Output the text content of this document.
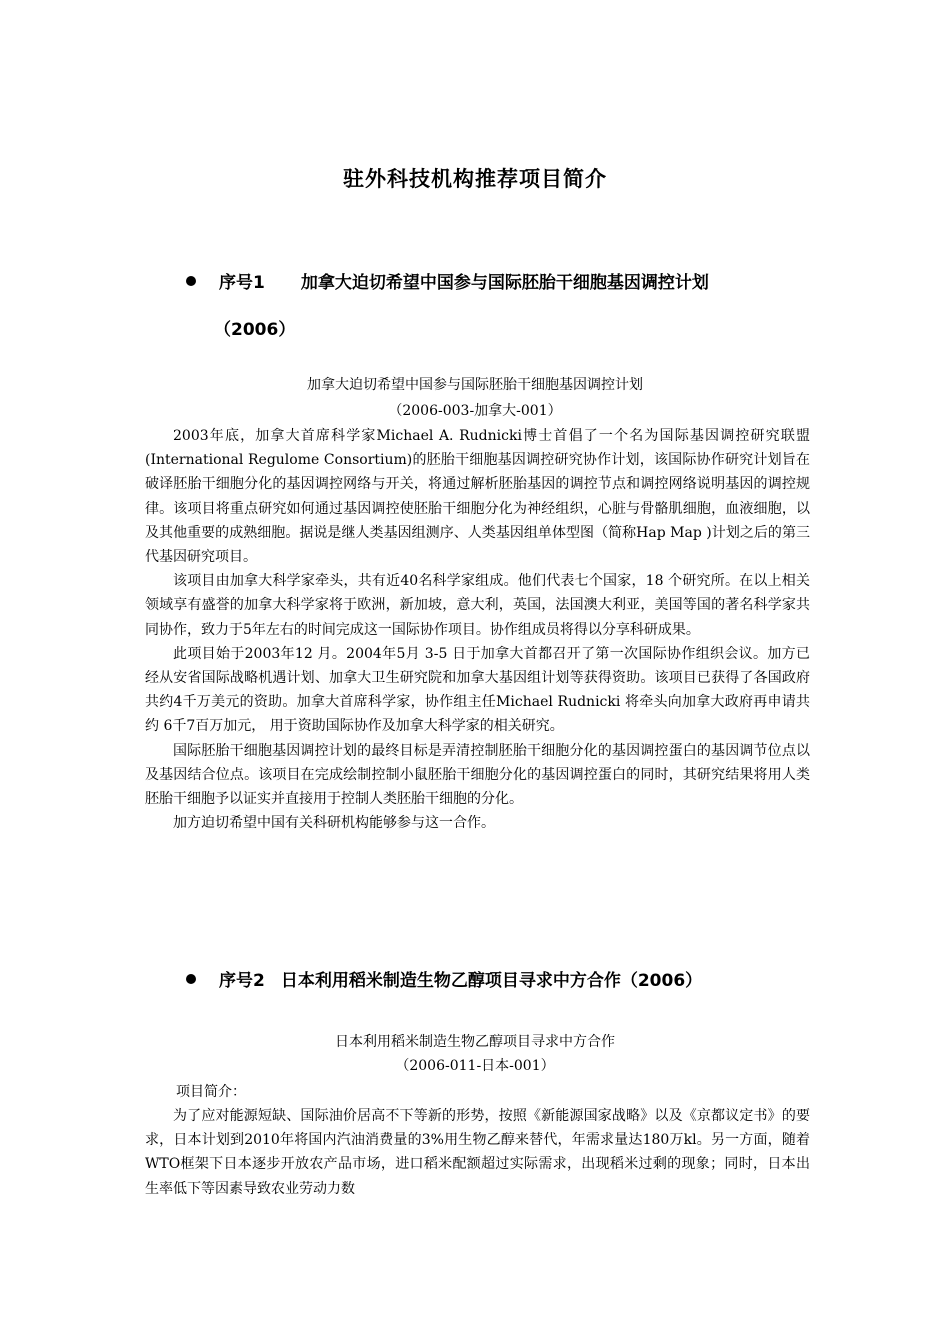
驻外科技机构推荐项目简介
序号1 加拿大迫切希望中国参与国际胚胎干细胞基因调控计划
（2006）
加拿大迫切希望中国参与国际胚胎干细胞基因调控计划
（2006-003-加拿大-001）

2003年底，加拿大首席科学家Michael A. Rudnicki博士首倡了一个名为国际基因调控研究联盟(International Regulome Consortium)的胚胎干细胞基因调控研究协作计划，该国际协作研究计划旨在破译胚胎干细胞分化的基因调控网络与开关，将通过解析胚胎基因的调控节点和调控网络说明基因的调控规律。该项目将重点研究如何通过基因调控使胚胎干细胞分化为神经组织，心脏与骨骼肌细胞，血液细胞，以及其他重要的成熟细胞。据说是继人类基因组测序、人类基因组单体型图（简称Hap Map )计划之后的第三代基因研究项目。

该项目由加拿大科学家牵头，共有近40名科学家组成。他们代表七个国家，18 个研究所。在以上相关领域享有盛誉的加拿大科学家将于欧洲，新加坡，意大利，英国，法国澳大利亚，美国等国的著名科学家共同协作，致力于5年左右的时间完成这一国际协作项目。协作组成员将得以分享科研成果。

此项目始于2003年12 月。2004年5月 3-5 日于加拿大首都召开了第一次国际协作组织会议。加方已经从安省国际战略机遇计划、加拿大卫生研究院和加拿大基因组计划等获得资助。该项目已获得了各国政府共约4千万美元的资助。加拿大首席科学家，协作组主任Michael Rudnicki 将牵头向加拿大政府再申请共约 6千7百万加元， 用于资助国际协作及加拿大科学家的相关研究。

国际胚胎干细胞基因调控计划的最终目标是弄清控制胚胎干细胞分化的基因调控蛋白的基因调节位点以及基因结合位点。该项目在完成绘制控制小鼠胚胎干细胞分化的基因调控蛋白的同时，其研究结果将用人类胚胎干细胞予以证实并直接用于控制人类胚胎干细胞的分化。

加方迫切希望中国有关科研机构能够参与这一合作。

序号2 日本利用稻米制造生物乙醇项目寻求中方合作（2006）
日本利用稻米制造生物乙醇项目寻求中方合作
（2006-011-日本-001）
项目简介：

为了应对能源短缺、国际油价居高不下等新的形势，按照《新能源国家战略》以及《京都议定书》的要求，日本计划到2010年将国内汽油消费量的3%用生物乙醇来替代，年需求量达180万kl。另一方面，随着WTO框架下日本逐步开放农产品市场，进口稻米配额超过实际需求，出现稻米过剩的现象；同时，日本出生率低下等因素导致农业劳动力数
